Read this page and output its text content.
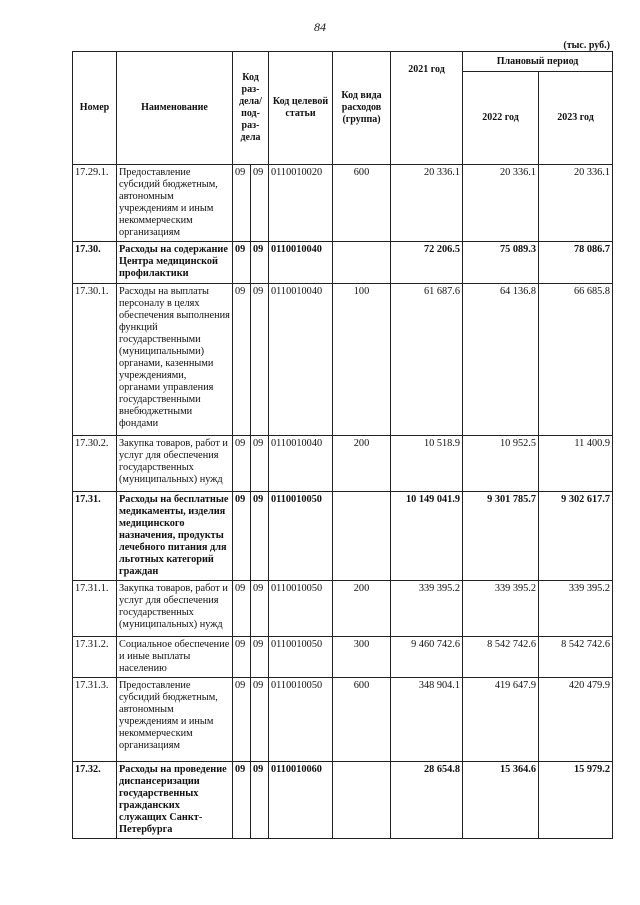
84
(тыс. руб.)
Номер	Наименование	Код раз-дела/ под-раз-дела		Код целевой статьи	Код вида расходов (группа)	2021 год	Плановый период	
							2022 год	2023 год
17.29.1.	Предоставление субсидий бюджетным, автономным учреждениям и иным некоммерческим организациям	09	09	0110010020	600	20 336.1	20 336.1	20 336.1
17.30.	Расходы на содержание Центра медицинской профилактики	09	09	0110010040		72 206.5	75 089.3	78 086.7
17.30.1.	Расходы на выплаты персоналу в целях обеспечения выполнения функций государственными (муниципальными) органами, казенными учреждениями, органами управления государственными внебюджетными фондами	09	09	0110010040	100	61 687.6	64 136.8	66 685.8
17.30.2.	Закупка товаров, работ и услуг для обеспечения государственных (муниципальных) нужд	09	09	0110010040	200	10 518.9	10 952.5	11 400.9
17.31.	Расходы на бесплатные медикаменты, изделия медицинского назначения, продукты лечебного питания для льготных категорий граждан	09	09	0110010050		10 149 041.9	9 301 785.7	9 302 617.7
17.31.1.	Закупка товаров, работ и услуг для обеспечения государственных (муниципальных) нужд	09	09	0110010050	200	339 395.2	339 395.2	339 395.2
17.31.2.	Социальное обеспечение и иные выплаты населению	09	09	0110010050	300	9 460 742.6	8 542 742.6	8 542 742.6
17.31.3.	Предоставление субсидий бюджетным, автономным учреждениям и иным некоммерческим организациям	09	09	0110010050	600	348 904.1	419 647.9	420 479.9
17.32.	Расходы на проведение диспансеризации государственных гражданских служащих Санкт-Петербурга	09	09	0110010060		28 654.8	15 364.6	15 979.2
